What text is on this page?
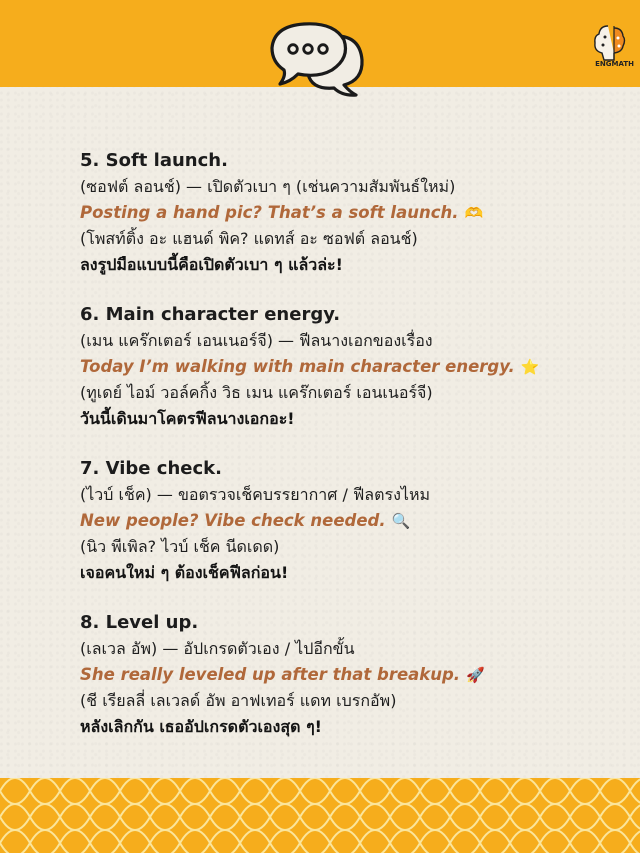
ENGMATH
5. Soft launch.
(ซอฟต์ ลอนช์) — เปิดตัวเบา ๆ (เช่นความสัมพันธ์ใหม่)
Posting a hand pic? That’s a soft launch. 🫶
(โพสท์ติ้ง อะ แฮนด์ พิค? แดทส์ อะ ซอฟต์ ลอนช์)
ลงรูปมือแบบนี้คือเปิดตัวเบา ๆ แล้วล่ะ!
6. Main character energy.
(เมน แคร๊กเตอร์ เอนเนอร์จี) — ฟีลนางเอกของเรื่อง
Today I’m walking with main character energy. ⭐
(ทูเดย์ ไอม์ วอล์คกิ้ง วิธ เมน แคร๊กเตอร์ เอนเนอร์จี)
วันนี้เดินมาโคตรฟีลนางเอกอะ!
7. Vibe check.
(ไวบ์ เช็ค) — ขอตรวจเช็คบรรยากาศ / ฟีลตรงไหม
New people? Vibe check needed. 🔍
(นิว พีเพิล? ไวบ์ เช็ค นีดเดด)
เจอคนใหม่ ๆ ต้องเช็คฟีลก่อน!
8. Level up.
(เลเวล อัพ) — อัปเกรดตัวเอง / ไปอีกขั้น
She really leveled up after that breakup. 🚀
(ชี เรียลลี่ เลเวลด์ อัพ อาฟเทอร์ แดท เบรกอัพ)
หลังเลิกกัน เธออัปเกรดตัวเองสุด ๆ!
